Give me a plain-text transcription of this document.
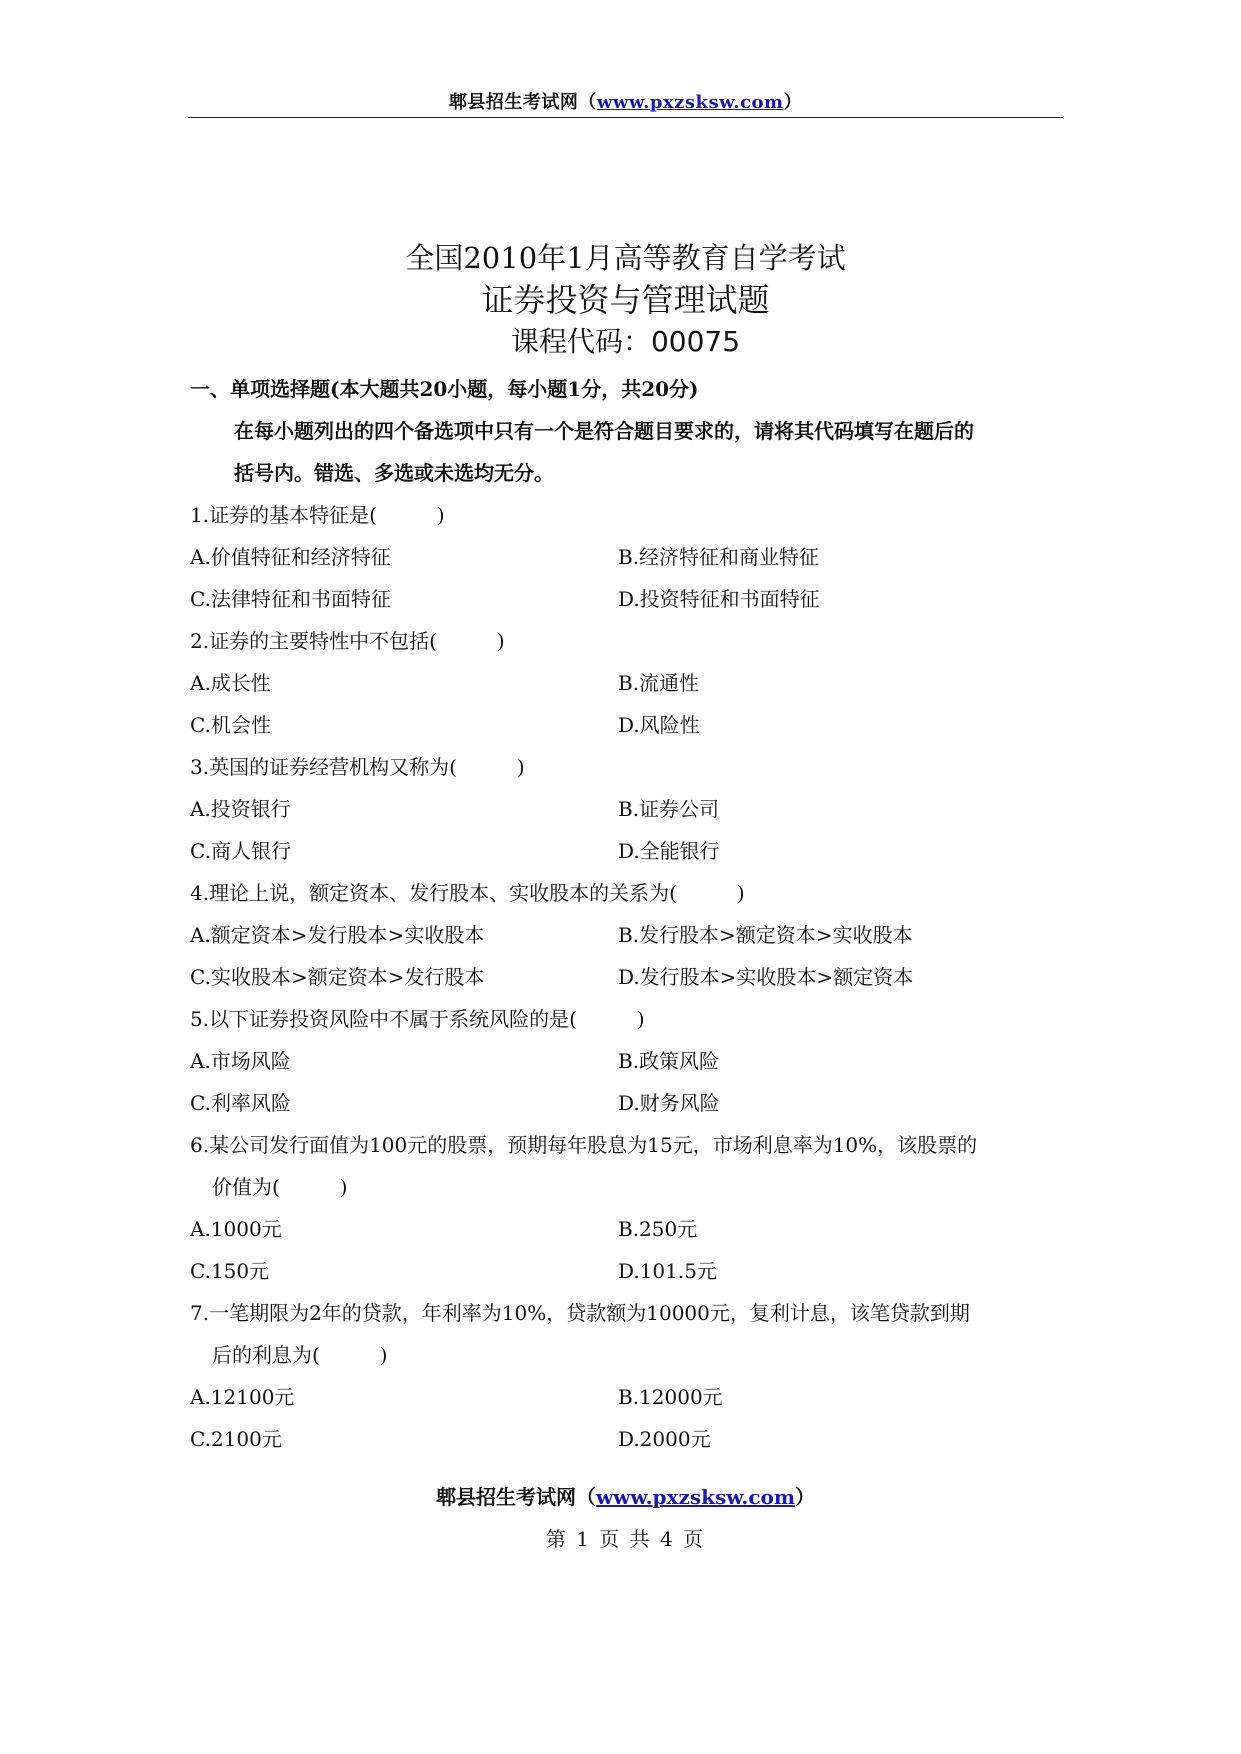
郫县招生考试网（www.pxzsksw.com）
全国2010年1月高等教育自学考试
证券投资与管理试题
课程代码：00075
一、单项选择题(本大题共20小题，每小题1分，共20分)
在每小题列出的四个备选项中只有一个是符合题目要求的，请将其代码填写在题后的
括号内。错选、多选或未选均无分。
1.证券的基本特征是(　　　)
A.价值特征和经济特征	B.经济特征和商业特征
C.法律特征和书面特征	D.投资特征和书面特征
2.证券的主要特性中不包括(　　　)
A.成长性	B.流通性
C.机会性	D.风险性
3.英国的证券经营机构又称为(　　　)
A.投资银行	B.证券公司
C.商人银行	D.全能银行
4.理论上说，额定资本、发行股本、实收股本的关系为(　　　)
A.额定资本>发行股本>实收股本	B.发行股本>额定资本>实收股本
C.实收股本>额定资本>发行股本	D.发行股本>实收股本>额定资本
5.以下证券投资风险中不属于系统风险的是(　　　)
A.市场风险	B.政策风险
C.利率风险	D.财务风险
6.某公司发行面值为100元的股票，预期每年股息为15元，市场利息率为10%，该股票的
价值为(　　　)
A.1000元	B.250元
C.150元	D.101.5元
7.一笔期限为2年的贷款，年利率为10%，贷款额为10000元，复利计息，该笔贷款到期
后的利息为(　　　)
A.12100元	B.12000元
C.2100元	D.2000元
郫县招生考试网（www.pxzsksw.com）
第 1 页 共 4 页
